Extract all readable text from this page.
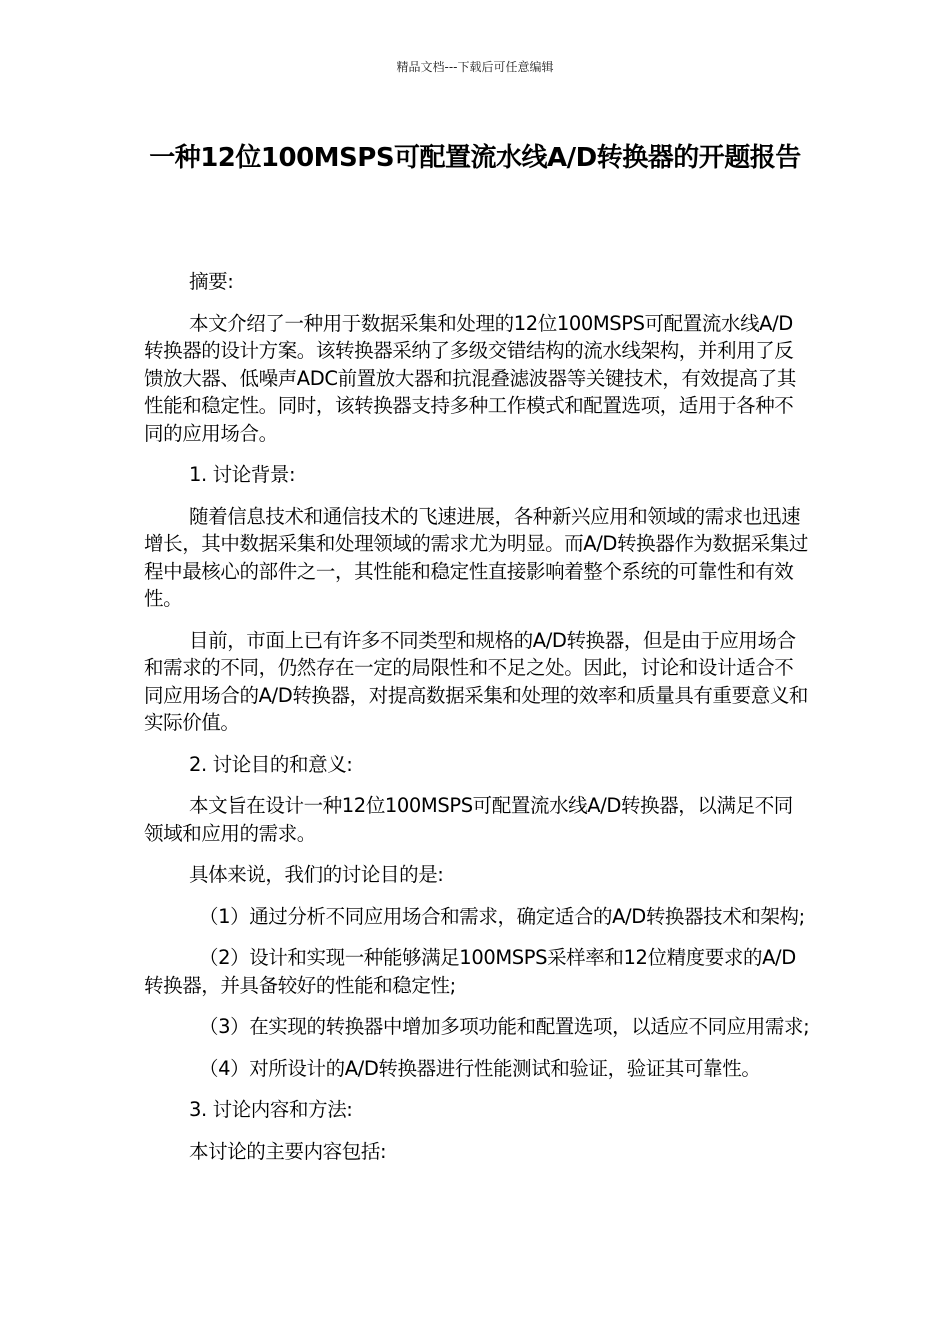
精品文档---下载后可任意编辑
一种12位100MSPS可配置流水线A/D转换器的开题报告

摘要:

本文介绍了一种用于数据采集和处理的12位100MSPS可配置流水线A/D转换器的设计方案。该转换器采纳了多级交错结构的流水线架构，并利用了反馈放大器、低噪声ADC前置放大器和抗混叠滤波器等关键技术，有效提高了其性能和稳定性。同时，该转换器支持多种工作模式和配置选项，适用于各种不同的应用场合。

1. 讨论背景:

随着信息技术和通信技术的飞速进展，各种新兴应用和领域的需求也迅速增长，其中数据采集和处理领域的需求尤为明显。而A/D转换器作为数据采集过程中最核心的部件之一，其性能和稳定性直接影响着整个系统的可靠性和有效性。

目前，市面上已有许多不同类型和规格的A/D转换器，但是由于应用场合和需求的不同，仍然存在一定的局限性和不足之处。因此，讨论和设计适合不同应用场合的A/D转换器，对提高数据采集和处理的效率和质量具有重要意义和实际价值。

2. 讨论目的和意义:

本文旨在设计一种12位100MSPS可配置流水线A/D转换器，以满足不同领域和应用的需求。

具体来说，我们的讨论目的是:

（1）通过分析不同应用场合和需求，确定适合的A/D转换器技术和架构;

（2）设计和实现一种能够满足100MSPS采样率和12位精度要求的A/D转换器，并具备较好的性能和稳定性;

（3）在实现的转换器中增加多项功能和配置选项，以适应不同应用需求;

（4）对所设计的A/D转换器进行性能测试和验证，验证其可靠性。

3. 讨论内容和方法:

本讨论的主要内容包括:
